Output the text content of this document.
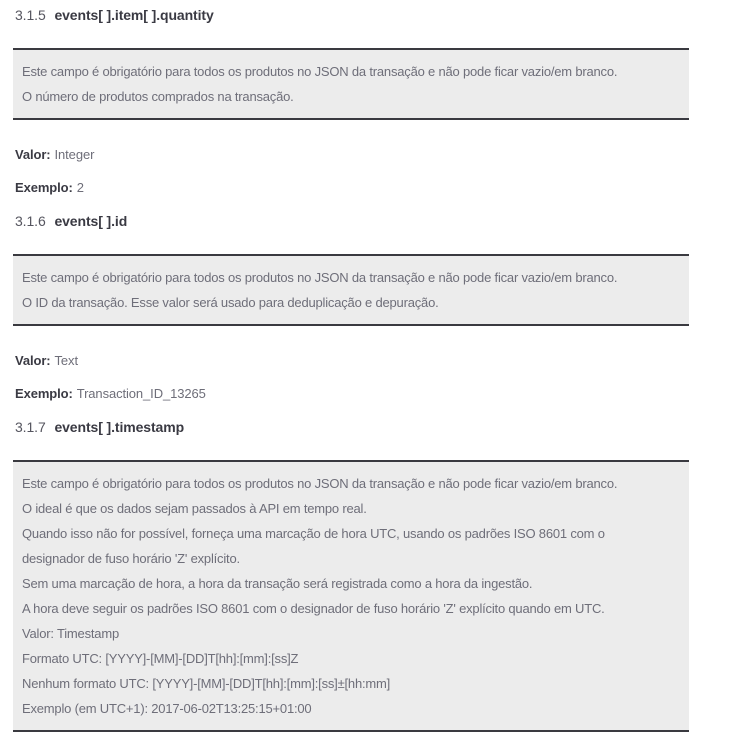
3.1.5 events[ ].item[ ].quantity

Este campo é obrigatório para todos os produtos no JSON da transação e não pode ficar vazio/em branco.

O número de produtos comprados na transação.

Valor: Integer

Exemplo: 2

3.1.6 events[ ].id

Este campo é obrigatório para todos os produtos no JSON da transação e não pode ficar vazio/em branco.

O ID da transação. Esse valor será usado para deduplicação e depuração.

Valor: Text

Exemplo: Transaction_ID_13265

3.1.7 events[ ].timestamp

Este campo é obrigatório para todos os produtos no JSON da transação e não pode ficar vazio/em branco.

O ideal é que os dados sejam passados à API em tempo real.

Quando isso não for possível, forneça uma marcação de hora UTC, usando os padrões ISO 8601 com o

designador de fuso horário 'Z' explícito.

Sem uma marcação de hora, a hora da transação será registrada como a hora da ingestão.

A hora deve seguir os padrões ISO 8601 com o designador de fuso horário 'Z' explícito quando em UTC.

Valor: Timestamp

Formato UTC: [YYYY]-[MM]-[DD]T[hh]:[mm]:[ss]Z

Nenhum formato UTC: [YYYY]-[MM]-[DD]T[hh]:[mm]:[ss]±[hh:mm]

Exemplo (em UTC+1): 2017-06-02T13:25:15+01:00
